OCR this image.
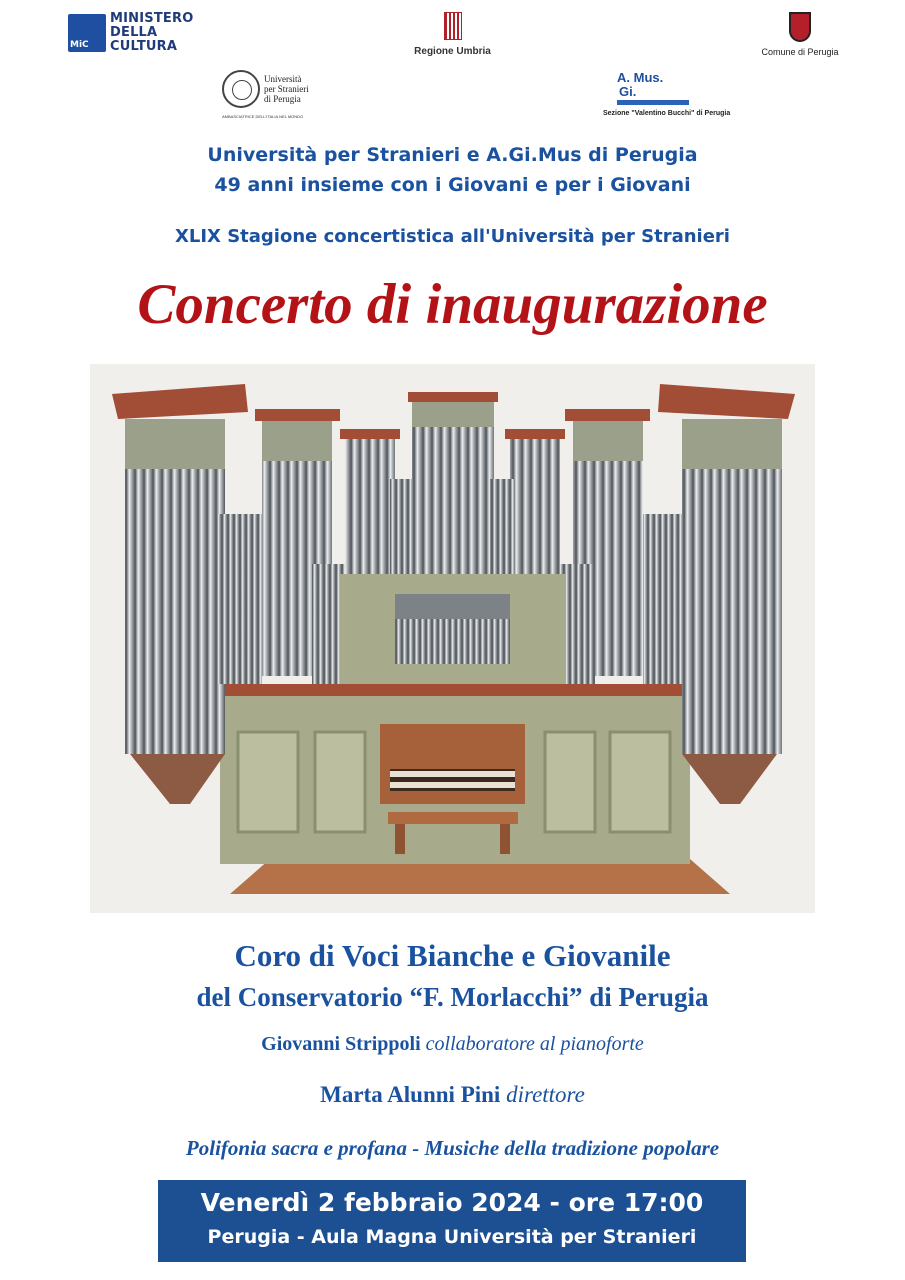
MiC
MINISTERO
DELLA
CULTURA	Regione Umbria	Comune di Perugia
Università
per Stranieri
di Perugia
AMBASCIATRICE DELL'ITALIA NEL MONDO
A. Mus.
Gi.
Sezione "Valentino Bucchi" di Perugia
Università per Stranieri e A.Gi.Mus di Perugia
49 anni insieme con i Giovani e per i Giovani
XLIX Stagione concertistica all'Università per Stranieri
Concerto di inaugurazione
Coro di Voci Bianche e Giovanile
del Conservatorio “F. Morlacchi” di Perugia
Giovanni Strippoli collaboratore al pianoforte
Marta Alunni Pini direttore
Polifonia sacra e profana - Musiche della tradizione popolare
Venerdì 2 febbraio 2024 - ore 17:00
Perugia - Aula Magna Università per Stranieri
